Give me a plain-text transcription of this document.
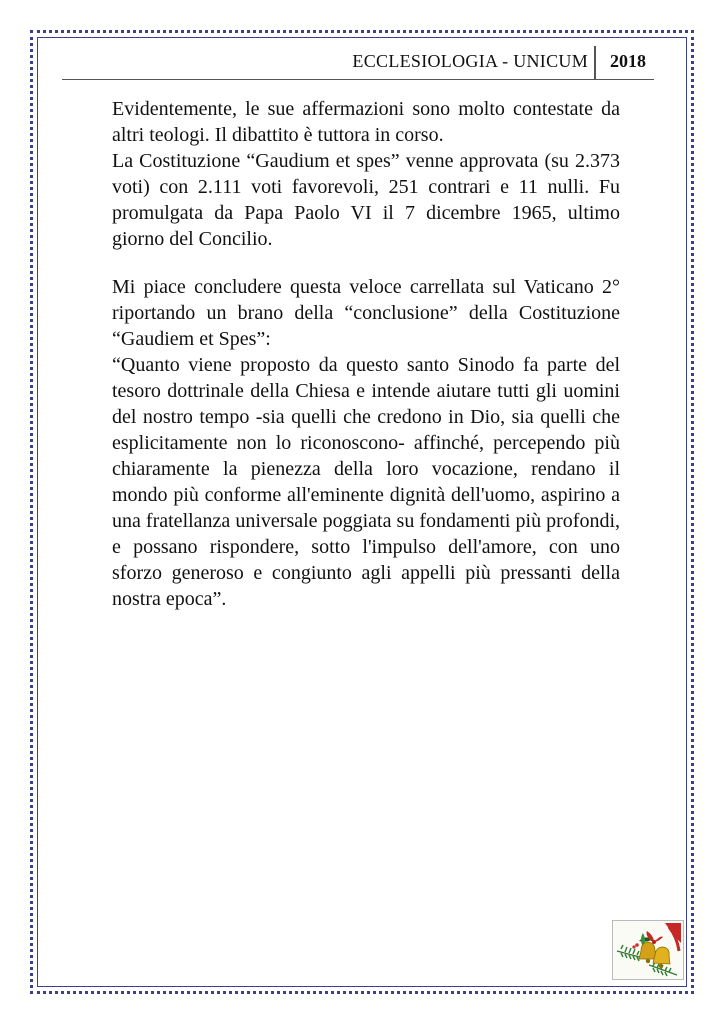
ECCLESIOLOGIA - UNICUM 2018

Evidentemente, le sue affermazioni sono molto contestate da altri teologi. Il dibattito è tuttora in corso.

La Costituzione “Gaudium et spes” venne approvata (su 2.373 voti) con 2.111 voti favorevoli, 251 contrari e 11 nulli. Fu promulgata da Papa Paolo VI il 7 dicembre 1965, ultimo giorno del Concilio.

Mi piace concludere questa veloce carrellata sul Vaticano 2° riportando un brano della “conclusione” della Costituzione “Gaudiem et Spes”:

“Quanto viene proposto da questo santo Sinodo fa parte del tesoro dottrinale della Chiesa e intende aiutare tutti gli uomini del nostro tempo -sia quelli che credono in Dio, sia quelli che esplicitamente non lo riconoscono- affinché, percependo più chiaramente la pienezza della loro vocazione, rendano il mondo più conforme all'eminente dignità dell'uomo, aspirino a una fratellanza universale poggiata su fondamenti più profondi, e possano rispondere, sotto l'impulso dell'amore, con uno sforzo generoso e congiunto agli appelli più pressanti della nostra epoca”.
